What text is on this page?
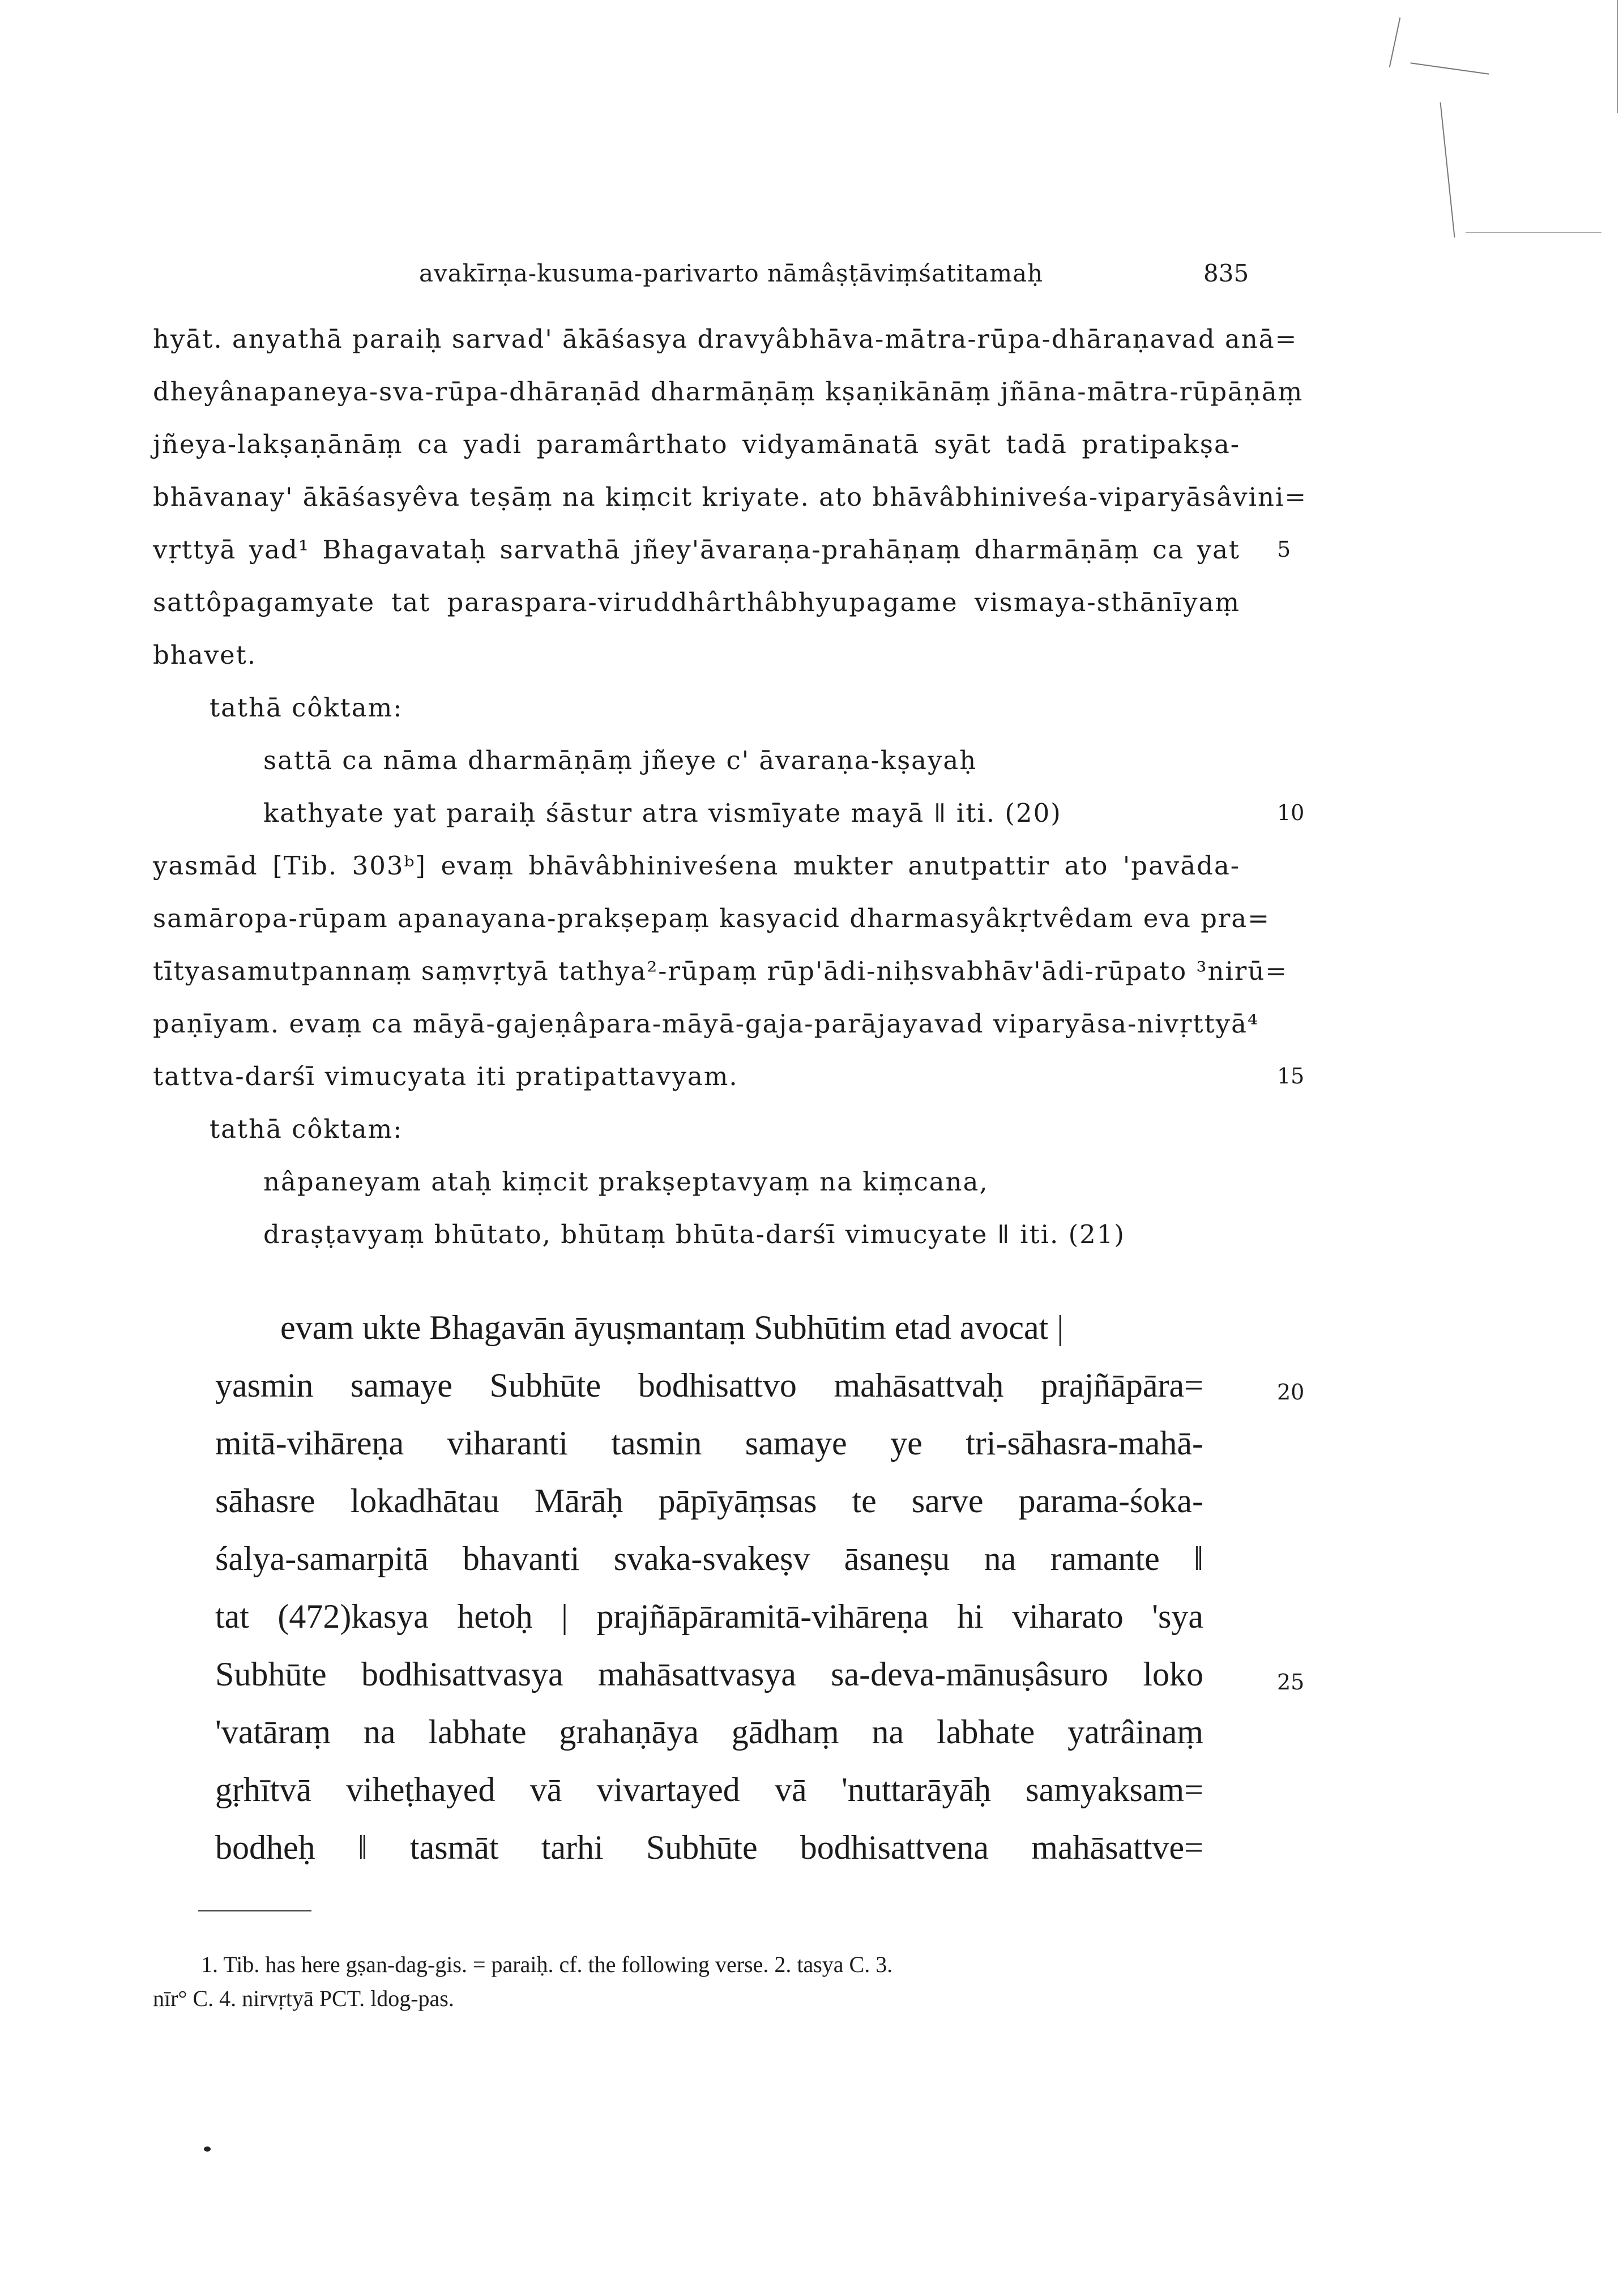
avakīrṇa-kusuma-parivarto nāmâṣṭāviṃśatitamaḥ	835
hyāt. anyathā paraiḥ sarvad' ākāśasya dravyâbhāva-mātra-rūpa-dhāraṇavad anā=
dheyânapaneya-sva-rūpa-dhāraṇād dharmāṇāṃ kṣaṇikānāṃ jñāna-mātra-rūpāṇāṃ
jñeya-lakṣaṇānāṃ ca yadi paramârthato vidyamānatā syāt tadā pratipakṣa-
bhāvanay' ākāśasyêva teṣāṃ na kiṃcit kriyate. ato bhāvâbhiniveśa-viparyāsâvini=
vṛttyā yad¹ Bhagavataḥ sarvathā jñey'āvaraṇa-prahāṇaṃ dharmāṇāṃ ca yat
sattôpagamyate tat paraspara-viruddhârthâbhyupagame vismaya-sthānīyaṃ
bhavet.
tathā côktam:
sattā ca nāma dharmāṇāṃ jñeye c' āvaraṇa-kṣayaḥ
kathyate yat paraiḥ śāstur atra vismīyate mayā ǁ iti. (20)
yasmād [Tib. 303ᵇ] evaṃ bhāvâbhiniveśena mukter anutpattir ato 'pavāda-
samāropa-rūpam apanayana-prakṣepaṃ kasyacid dharmasyâkṛtvêdam eva pra=
tītyasamutpannaṃ saṃvṛtyā tathya²-rūpaṃ rūp'ādi-niḥsvabhāv'ādi-rūpato ³nirū=
paṇīyam. evaṃ ca māyā-gajeṇâpara-māyā-gaja-parājayavad viparyāsa-nivṛttyā⁴
tattva-darśī vimucyata iti pratipattavyam.
tathā côktam:
nâpaneyam ataḥ kiṃcit prakṣeptavyaṃ na kiṃcana,
draṣṭavyaṃ bhūtato, bhūtaṃ bhūta-darśī vimucyate ǁ iti. (21)
evam ukte Bhagavān āyuṣmantaṃ Subhūtim etad avocat |
yasmin samaye Subhūte bodhisattvo mahāsattvaḥ prajñāpāra=
mitā-vihāreṇa viharanti tasmin samaye ye tri-sāhasra-mahā-
sāhasre lokadhātau Mārāḥ pāpīyāṃsas te sarve parama-śoka-
śalya-samarpitā bhavanti svaka-svakeṣv āsaneṣu na ramante ǁ
tat (472)kasya hetoḥ | prajñāpāramitā-vihāreṇa hi viharato 'sya
Subhūte bodhisattvasya mahāsattvasya sa-deva-mānuṣâsuro loko
'vatāraṃ na labhate grahaṇāya gādhaṃ na labhate yatrâinaṃ
gṛhītvā viheṭhayed vā vivartayed vā 'nuttarāyāḥ samyaksam=
bodheḥ ǁ tasmāt tarhi Subhūte bodhisattvena mahāsattve=
5
10
15
20
25
1. Tib. has here gṣan-dag-gis. = paraiḥ. cf. the following verse. 2. tasya C. 3.
nīr° C. 4. nirvṛtyā PCT. ldog-pas.
